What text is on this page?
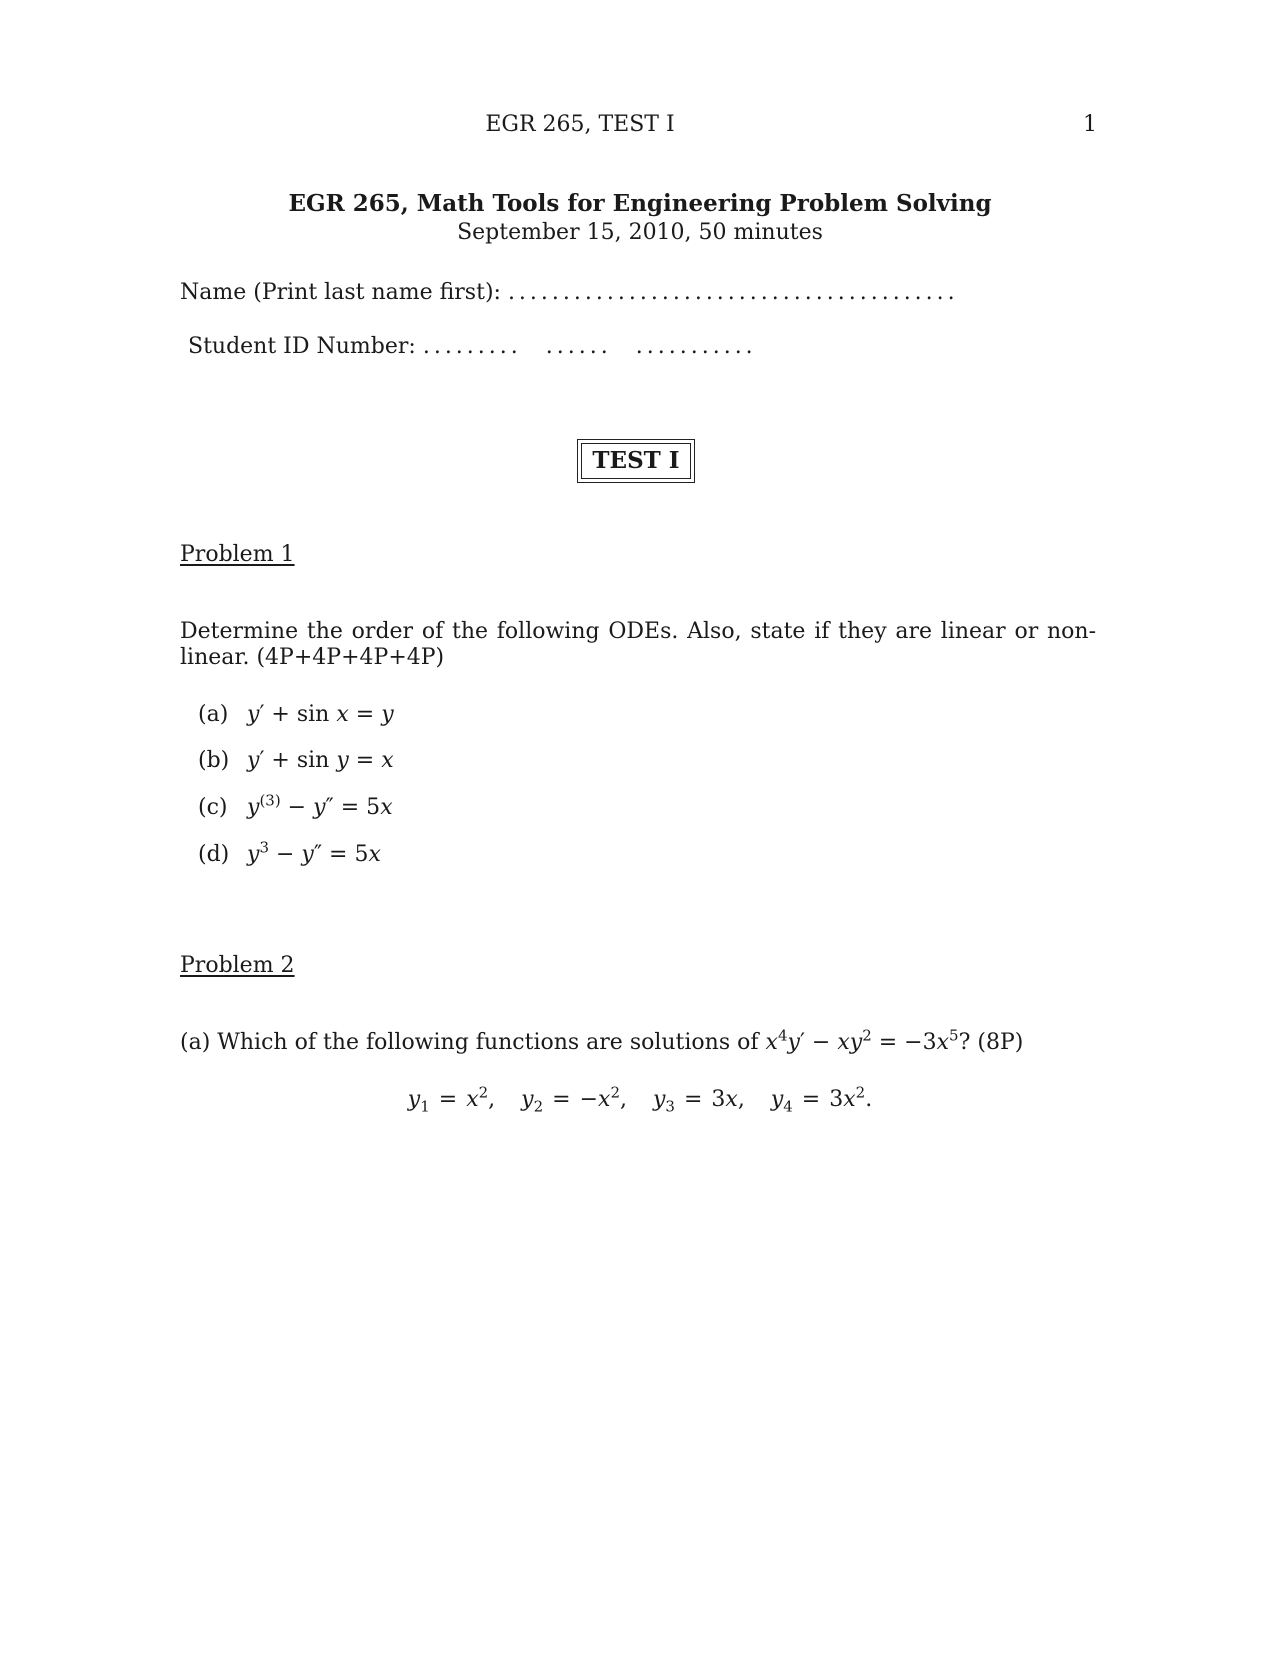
EGR 265, TEST I	1
EGR 265, Math Tools for Engineering Problem Solving
September 15, 2010, 50 minutes
Name (Print last name first): .........................................
Student ID Number: ......... ...... ...........
TEST I
Problem 1
Determine the order of the following ODEs. Also, state if they are linear or non-linear. (4P+4P+4P+4P)
(a) y′ + sin x = y
(b) y′ + sin y = x
(c) $y^{(3)} - y'' = 5x$
(d) $y^3 - y'' = 5x$
Problem 2
(a) Which of the following functions are solutions of $x^4y' - xy^2 = -3x^5$? (8P)
$y_1 = x^2$, $y_2 = -x^2$, $y_3 = 3x$, $y_4 = 3x^2$.
